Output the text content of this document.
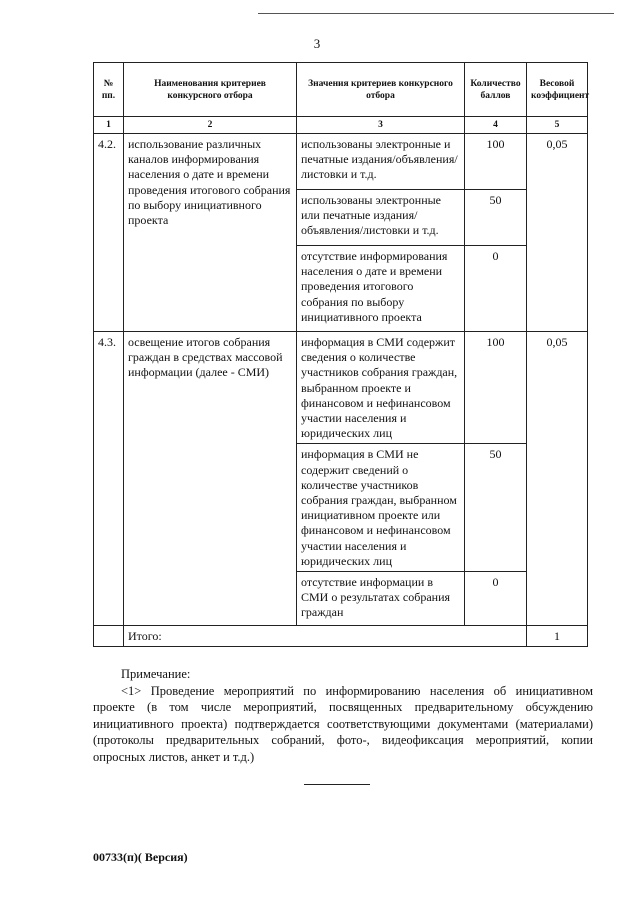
3
№ пп.	Наименования критериев конкурсного отбора	Значения критериев конкурсного отбора	Количество баллов	Весовой коэффициент
1	2	3	4	5
4.2.	использование различных каналов информирования населения о дате и времени проведения итогового собрания по выбору инициативного проекта	использованы электронные и печатные издания/объявления/листовки и т.д.	100	0,05
		использованы электронные или печатные издания/объявления/листовки и т.д.	50	
		отсутствие информирования населения о дате и времени проведения итогового собрания по выбору инициативного проекта	0	
4.3.	освещение итогов собрания граждан в средствах массовой информации (далее - СМИ)	информация в СМИ содержит сведения о количестве участников собрания граждан, выбранном проекте и финансовом и нефинансовом участии населения и юридических лиц	100	0,05
		информация в СМИ не содержит сведений о количестве участников собрания граждан, выбранном инициативном проекте или финансовом и нефинансовом участии населения и юридических лиц	50	
		отсутствие информации в СМИ о результатах собрания граждан	0	
	Итого:			1
Примечание:
<1> Проведение мероприятий по информированию населения об инициативном проекте (в том числе мероприятий, посвященных предварительному обсуждению инициативного проекта) подтверждается соответствующими документами (материалами) (протоколы предварительных собраний, фото-, видеофиксация мероприятий, копии опросных листов, анкет и т.д.)
00733(п)( Версия)
